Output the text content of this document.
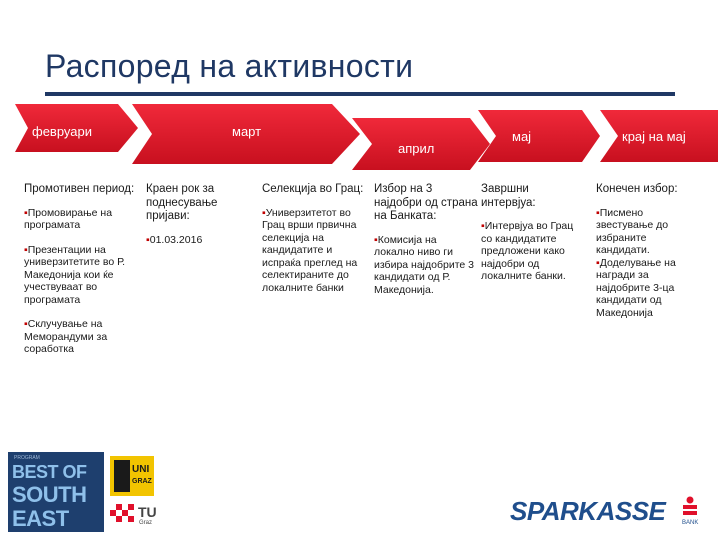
Распоред на активности
февруари	март
април
мај	крај на мај
Промотивен период:
▪ Промовирање на програмата
▪ Презентации на универзитетите во Р. Македонија кои ќе учествуваат во програмата
▪ Склучување на Меморандуми за соработка
Краен рок за поднесување пријави:
▪ 01.03.2016
Селекција во Грац:
▪ Универзитетот во Грац врши првична селекција на кандидатите и испраќа преглед на селектираните до локалните банки
Избор на 3 најдобри од страна на Банката:
▪ Комисија на локално ниво ги избира најдобрите 3 кандидати од Р. Македонија.
Завршни интервјуа:
▪ Интервјуа во Грац со кандидатите предложени како најдобри од локалните банки.
Конечен избор:
▪ Писмено звестување до избраните кандидати.
▪ Доделување на награди за најдобрите 3-ца кандидати од Македонија
PROGRAM
BEST OF
SOUTH
EAST
UNI
GRAZ
TU
Graz	SPARKASSE	BANK
